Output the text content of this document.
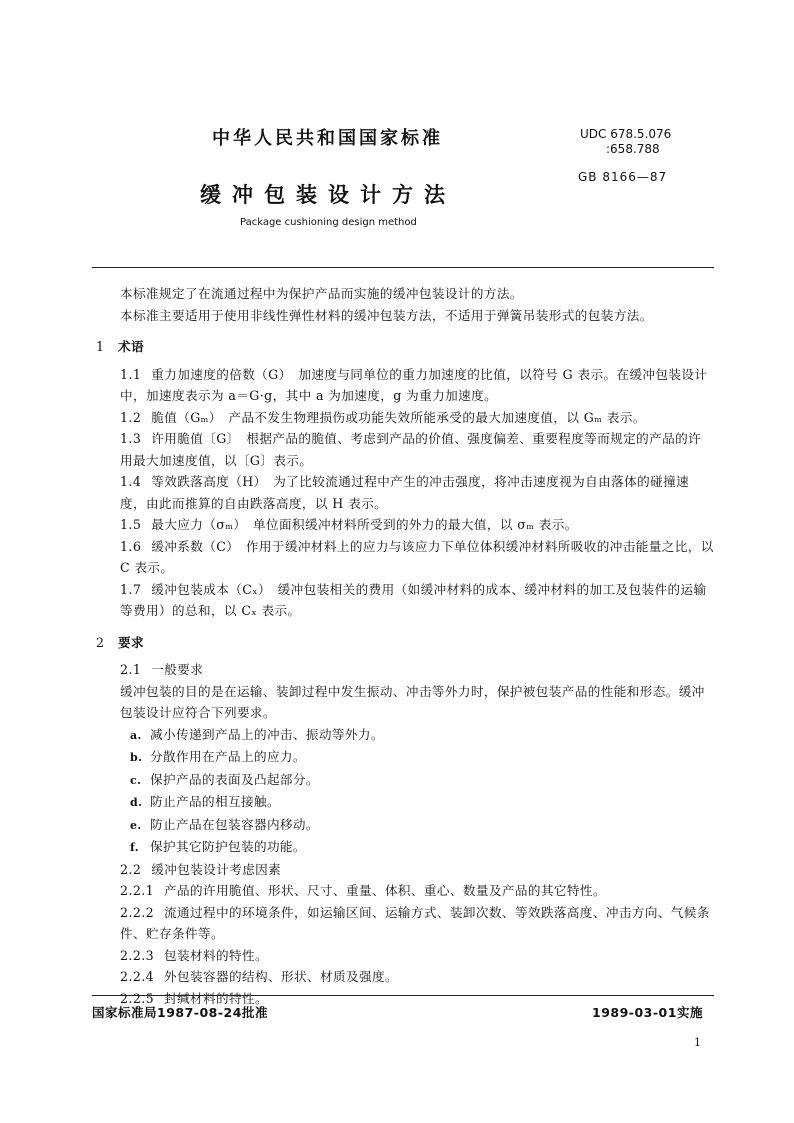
中华人民共和国国家标准	UDC 678.5.076
:658.788
GB 8166—87
缓冲包装设计方法
Package cushioning design method

本标准规定了在流通过程中为保护产品而实施的缓冲包装设计的方法。

本标准主要适用于使用非线性弹性材料的缓冲包装方法，不适用于弹簧吊装形式的包装方法。

1 术语

1.1 重力加速度的倍数（G）　加速度与同单位的重力加速度的比值，以符号 G 表示。在缓冲包装设计中，加速度表示为 a＝G·g，其中 a 为加速度，g 为重力加速度。

1.2 脆值（Gₘ）　产品不发生物理损伤或功能失效所能承受的最大加速度值，以 Gₘ 表示。

1.3 许用脆值〔G〕　根据产品的脆值、考虑到产品的价值、强度偏差、重要程度等而规定的产品的许用最大加速度值，以〔G〕表示。

1.4 等效跌落高度（H）　为了比较流通过程中产生的冲击强度，将冲击速度视为自由落体的碰撞速度，由此而推算的自由跌落高度，以 H 表示。

1.5 最大应力（σₘ）　单位面积缓冲材料所受到的外力的最大值，以 σₘ 表示。

1.6 缓冲系数（C）　作用于缓冲材料上的应力与该应力下单位体积缓冲材料所吸收的冲击能量之比，以 C 表示。

1.7 缓冲包装成本（Cₓ）　缓冲包装相关的费用（如缓冲材料的成本、缓冲材料的加工及包装件的运输等费用）的总和，以 Cₓ 表示。

2 要求

2.1 一般要求

缓冲包装的目的是在运输、装卸过程中发生振动、冲击等外力时，保护被包装产品的性能和形态。缓冲包装设计应符合下列要求。

a. 减小传递到产品上的冲击、振动等外力。

b. 分散作用在产品上的应力。

c. 保护产品的表面及凸起部分。

d. 防止产品的相互接触。

e. 防止产品在包装容器内移动。

f. 保护其它防护包装的功能。

2.2 缓冲包装设计考虑因素

2.2.1 产品的许用脆值、形状、尺寸、重量、体积、重心、数量及产品的其它特性。

2.2.2 流通过程中的环境条件，如运输区间、运输方式、装卸次数、等效跌落高度、冲击方向、气候条件、贮存条件等。

2.2.3 包装材料的特性。

2.2.4 外包装容器的结构、形状、材质及强度。

2.2.5 封缄材料的特性。

国家标准局1987-08-24批准	1989-03-01实施
1
